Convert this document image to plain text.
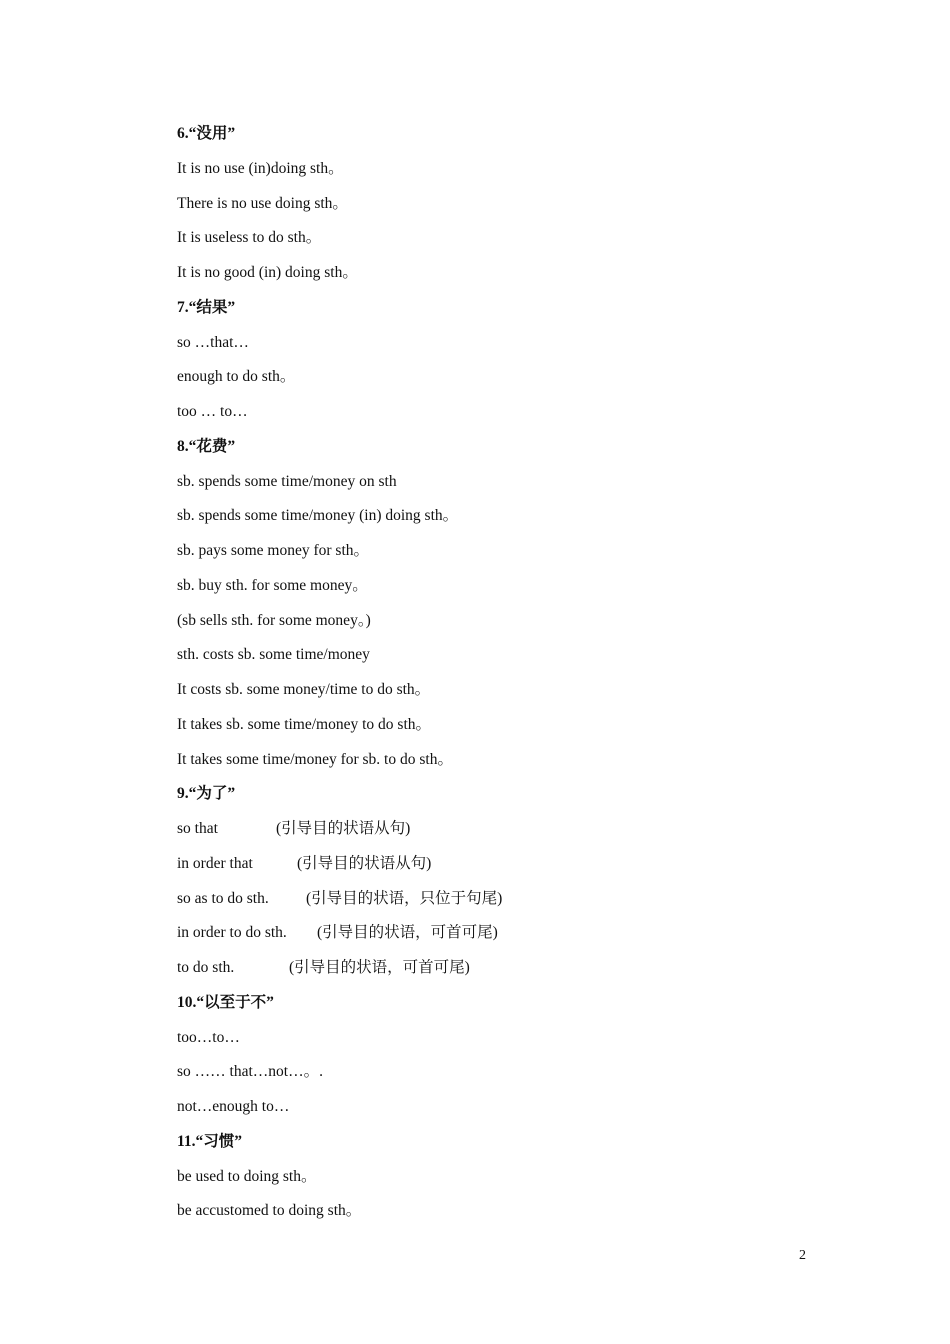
6.“没用”
It is no use (in)doing sth。
There is no use doing sth。
It is useless to do sth。
It is no good (in) doing sth。
7.“结果”
so …that…
enough to do sth。
too … to…
8.“花费”
sb. spends some time/money on sth
sb. spends some time/money (in) doing sth。
sb. pays some money for sth。
sb. buy sth. for some money。
(sb sells sth. for some money。)
sth. costs sb. some time/money
It costs sb. some money/time to do sth。
It takes sb. some time/money to do sth。
It takes some time/money for sb. to do sth。
9.“为了”
so that	(引导目的状语从句)
in order that	(引导目的状语从句)
so as to do sth. (引导目的状语，只位于句尾)
in order to do sth. (引导目的状语，可首可尾)
to do sth.	(引导目的状语，可首可尾)
10.“以至于不”
too…to…
so …… that…not…。.
not…enough to…
11.“习惯”
be used to doing sth。
be accustomed to doing sth。
2
